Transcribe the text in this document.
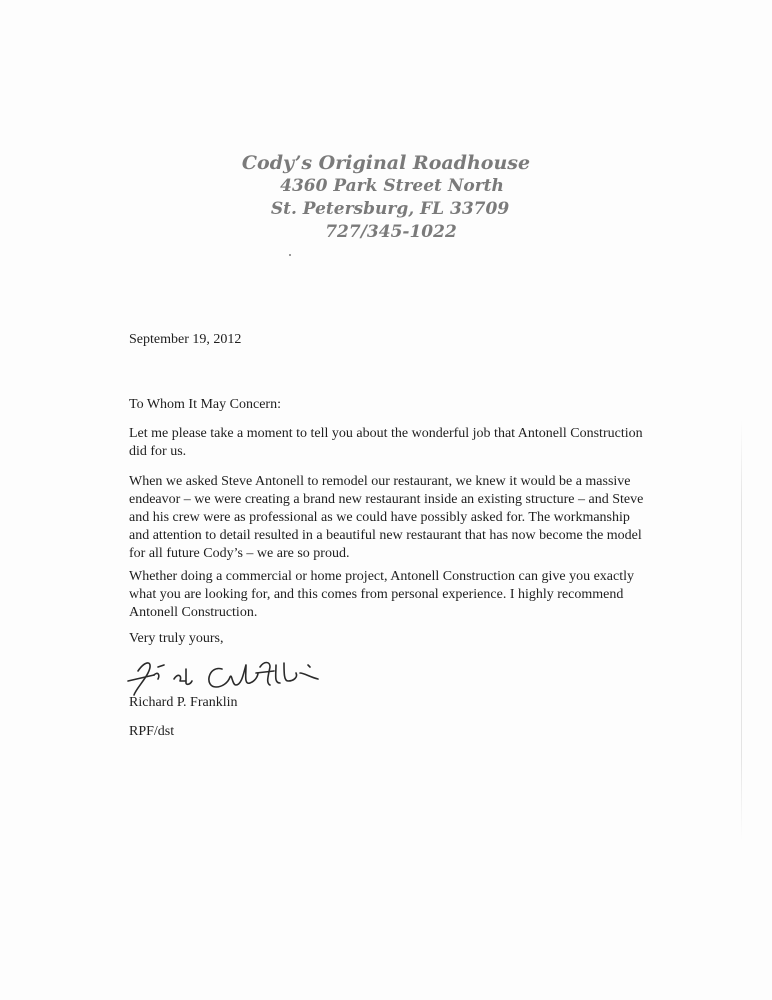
Cody’s Original Roadhouse
4360 Park Street North
St. Petersburg, FL 33709
727/345-1022
September 19, 2012
To Whom It May Concern:

Let me please take a moment to tell you about the wonderful job that Antonell Construction did for us.

When we asked Steve Antonell to remodel our restaurant, we knew it would be a massive endeavor – we were creating a brand new restaurant inside an existing structure – and Steve and his crew were as professional as we could have possibly asked for. The workmanship and attention to detail resulted in a beautiful new restaurant that has now become the model for all future Cody’s – we are so proud.

Whether doing a commercial or home project, Antonell Construction can give you exactly what you are looking for, and this comes from personal experience. I highly recommend Antonell Construction.

Very truly yours,
Richard P. Franklin
RPF/dst
